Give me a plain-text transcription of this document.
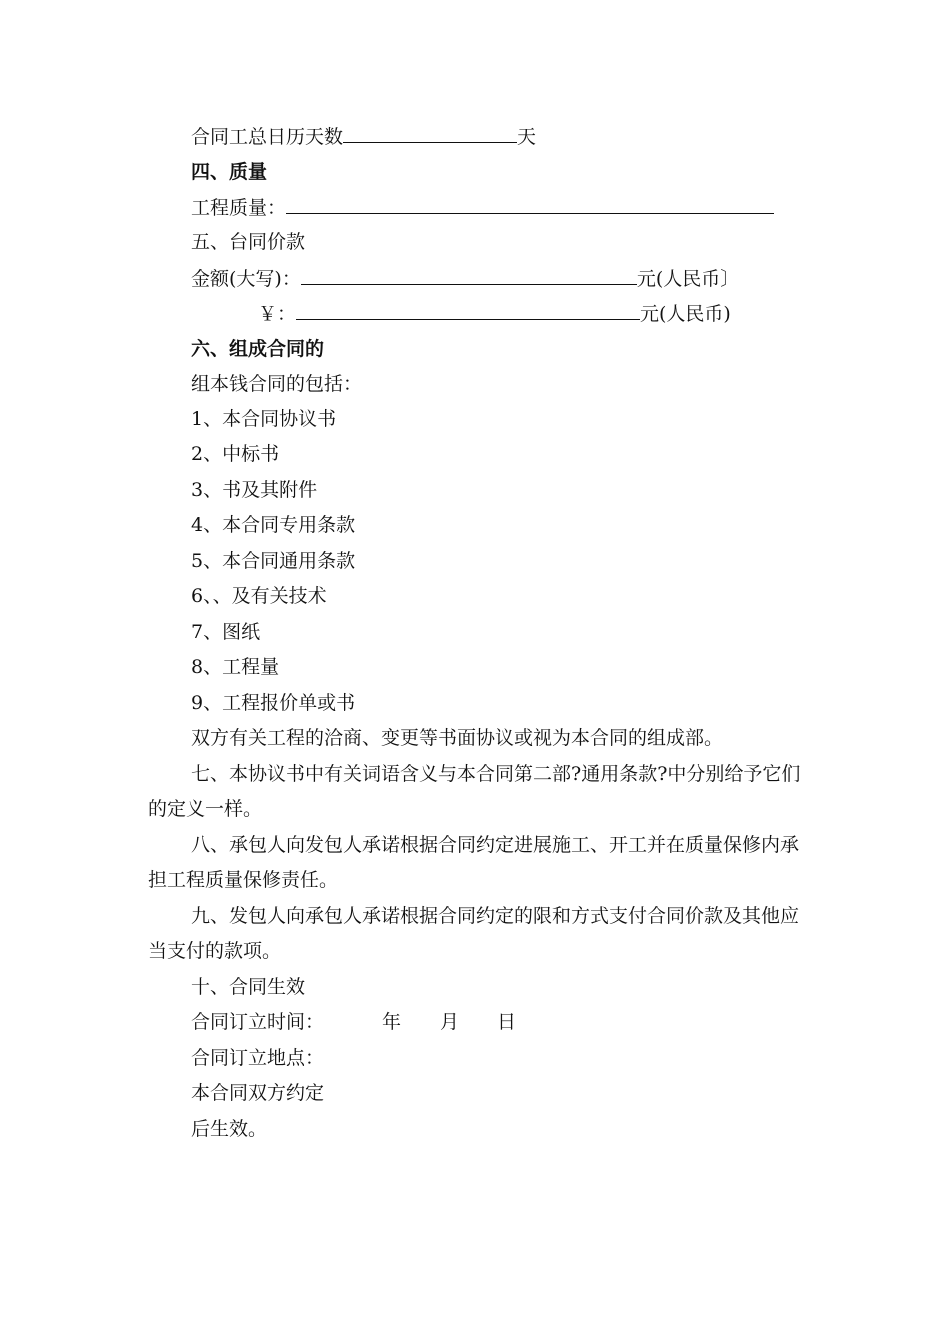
合同工总日历天数	天
四、质量
工程质量：
五、台同价款
金额(大写)：	元(人民币〕
￥：	元(人民币)
六、组成合同的
组本钱合同的包括：
1、本合同协议书
2、中标书
3、书及其附件
4、本合同专用条款
5、本合同通用条款
6、、及有关技术
7、图纸
8、工程量
9、工程报价单或书
双方有关工程的洽商、变更等书面协议或视为本合同的组成部。
七、本协议书中有关词语含义与本合同第二部?通用条款?中分别给予它们
的定义一样。
八、承包人向发包人承诺根据合同约定进展施工、开工并在质量保修内承
担工程质量保修责任。
九、发包人向承包人承诺根据合同约定的限和方式支付合同价款及其他应
当支付的款项。
十、合同生效
合同订立时间：	年 月 日
合同订立地点：
本合同双方约定
后生效。
